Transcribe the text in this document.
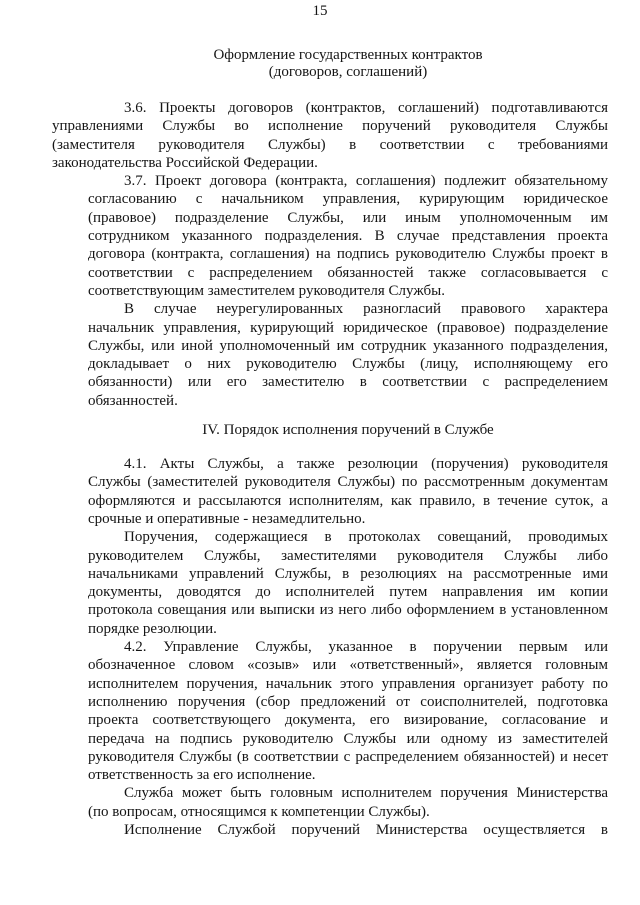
15
Оформление государственных контрактов
(договоров, соглашений)

3.6. Проекты договоров (контрактов, соглашений) подготавливаются
управлениями Службы во исполнение поручений руководителя Службы
(заместителя руководителя Службы) в соответствии с требованиями
законодательства Российской Федерации.

3.7. Проект договора (контракта, соглашения) подлежит обязательному
согласованию с начальником управления, курирующим юридическое
(правовое) подразделение Службы, или иным уполномоченным им
сотрудником указанного подразделения. В случае представления проекта
договора (контракта, соглашения) на подпись руководителю Службы проект в
соответствии с распределением обязанностей также согласовывается с
соответствующим заместителем руководителя Службы.

В случае неурегулированных разногласий правового характера
начальник управления, курирующий юридическое (правовое) подразделение
Службы, или иной уполномоченный им сотрудник указанного подразделения,
докладывает о них руководителю Службы (лицу, исполняющему его
обязанности) или его заместителю в соответствии с распределением
обязанностей.

IV. Порядок исполнения поручений в Службе

4.1. Акты Службы, а также резолюции (поручения) руководителя
Службы (заместителей руководителя Службы) по рассмотренным документам
оформляются и рассылаются исполнителям, как правило, в течение суток, а
срочные и оперативные - незамедлительно.

Поручения, содержащиеся в протоколах совещаний, проводимых
руководителем Службы, заместителями руководителя Службы либо
начальниками управлений Службы, в резолюциях на рассмотренные ими
документы, доводятся до исполнителей путем направления им копии
протокола совещания или выписки из него либо оформлением в установленном
порядке резолюции.

4.2. Управление Службы, указанное в поручении первым или
обозначенное словом «созыв» или «ответственный», является головным
исполнителем поручения, начальник этого управления организует работу по
исполнению поручения (сбор предложений от соисполнителей, подготовка
проекта соответствующего документа, его визирование, согласование и
передача на подпись руководителю Службы или одному из заместителей
руководителя Службы (в соответствии с распределением обязанностей) и несет
ответственность за его исполнение.

Служба может быть головным исполнителем поручения Министерства
(по вопросам, относящимся к компетенции Службы).

Исполнение Службой поручений Министерства осуществляется в
